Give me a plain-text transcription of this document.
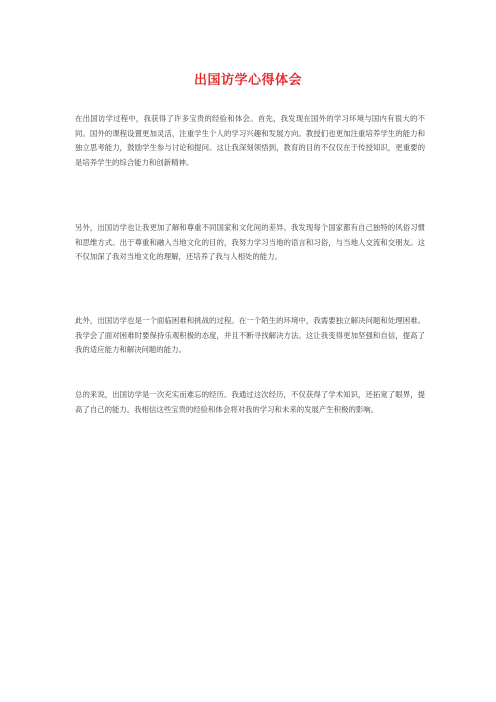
出国访学心得体会

在出国访学过程中，我获得了许多宝贵的经验和体会。首先，我发现在国外的学习环境与国内有很大的不同。国外的课程设置更加灵活，注重学生个人的学习兴趣和发展方向。教授们也更加注重培养学生的能力和独立思考能力，鼓励学生参与讨论和提问。这让我深刻领悟到，教育的目的不仅仅在于传授知识，更重要的是培养学生的综合能力和创新精神。

另外，出国访学也让我更加了解和尊重不同国家和文化间的差异。我发现每个国家都有自己独特的风俗习惯和思维方式。出于尊重和融入当地文化的目的，我努力学习当地的语言和习俗，与当地人交流和交朋友。这不仅加深了我对当地文化的理解，还培养了我与人相处的能力。

此外，出国访学也是一个面临困难和挑战的过程。在一个陌生的环境中，我需要独立解决问题和处理困难。我学会了面对困难时要保持乐观积极的态度，并且不断寻找解决方法。这让我变得更加坚强和自信，提高了我的适应能力和解决问题的能力。

总的来说，出国访学是一次充实而难忘的经历。我通过这次经历，不仅获得了学术知识，还拓宽了眼界，提高了自己的能力。我相信这些宝贵的经验和体会将对我的学习和未来的发展产生积极的影响。
